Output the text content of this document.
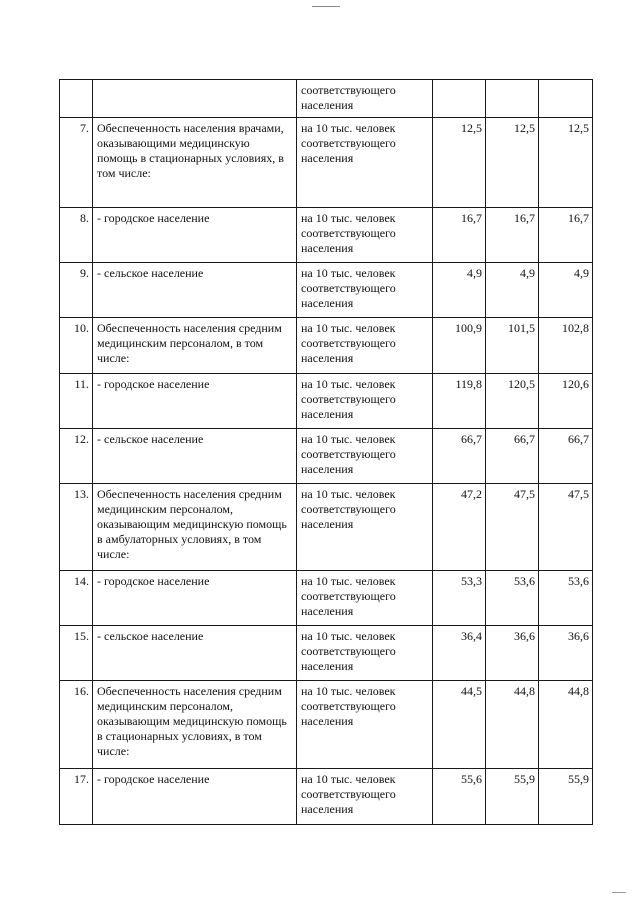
		соответствующего населения			
7.	Обеспеченность населения врачами, оказывающими медицинскую помощь в стационарных условиях, в том числе:	на 10 тыс. человек соответствующего населения	12,5	12,5	12,5
8.	- городское население	на 10 тыс. человек соответствующего населения	16,7	16,7	16,7
9.	- сельское население	на 10 тыс. человек соответствующего населения	4,9	4,9	4,9
10.	Обеспеченность населения средним медицинским персоналом, в том числе:	на 10 тыс. человек соответствующего населения	100,9	101,5	102,8
11.	- городское население	на 10 тыс. человек соответствующего населения	119,8	120,5	120,6
12.	- сельское население	на 10 тыс. человек соответствующего населения	66,7	66,7	66,7
13.	Обеспеченность населения средним медицинским персоналом, оказывающим медицинскую помощь в амбулаторных условиях, в том числе:	на 10 тыс. человек соответствующего населения	47,2	47,5	47,5
14.	- городское население	на 10 тыс. человек соответствующего населения	53,3	53,6	53,6
15.	- сельское население	на 10 тыс. человек соответствующего населения	36,4	36,6	36,6
16.	Обеспеченность населения средним медицинским персоналом, оказывающим медицинскую помощь в стационарных условиях, в том числе:	на 10 тыс. человек соответствующего населения	44,5	44,8	44,8
17.	- городское население	на 10 тыс. человек соответствующего населения	55,6	55,9	55,9
